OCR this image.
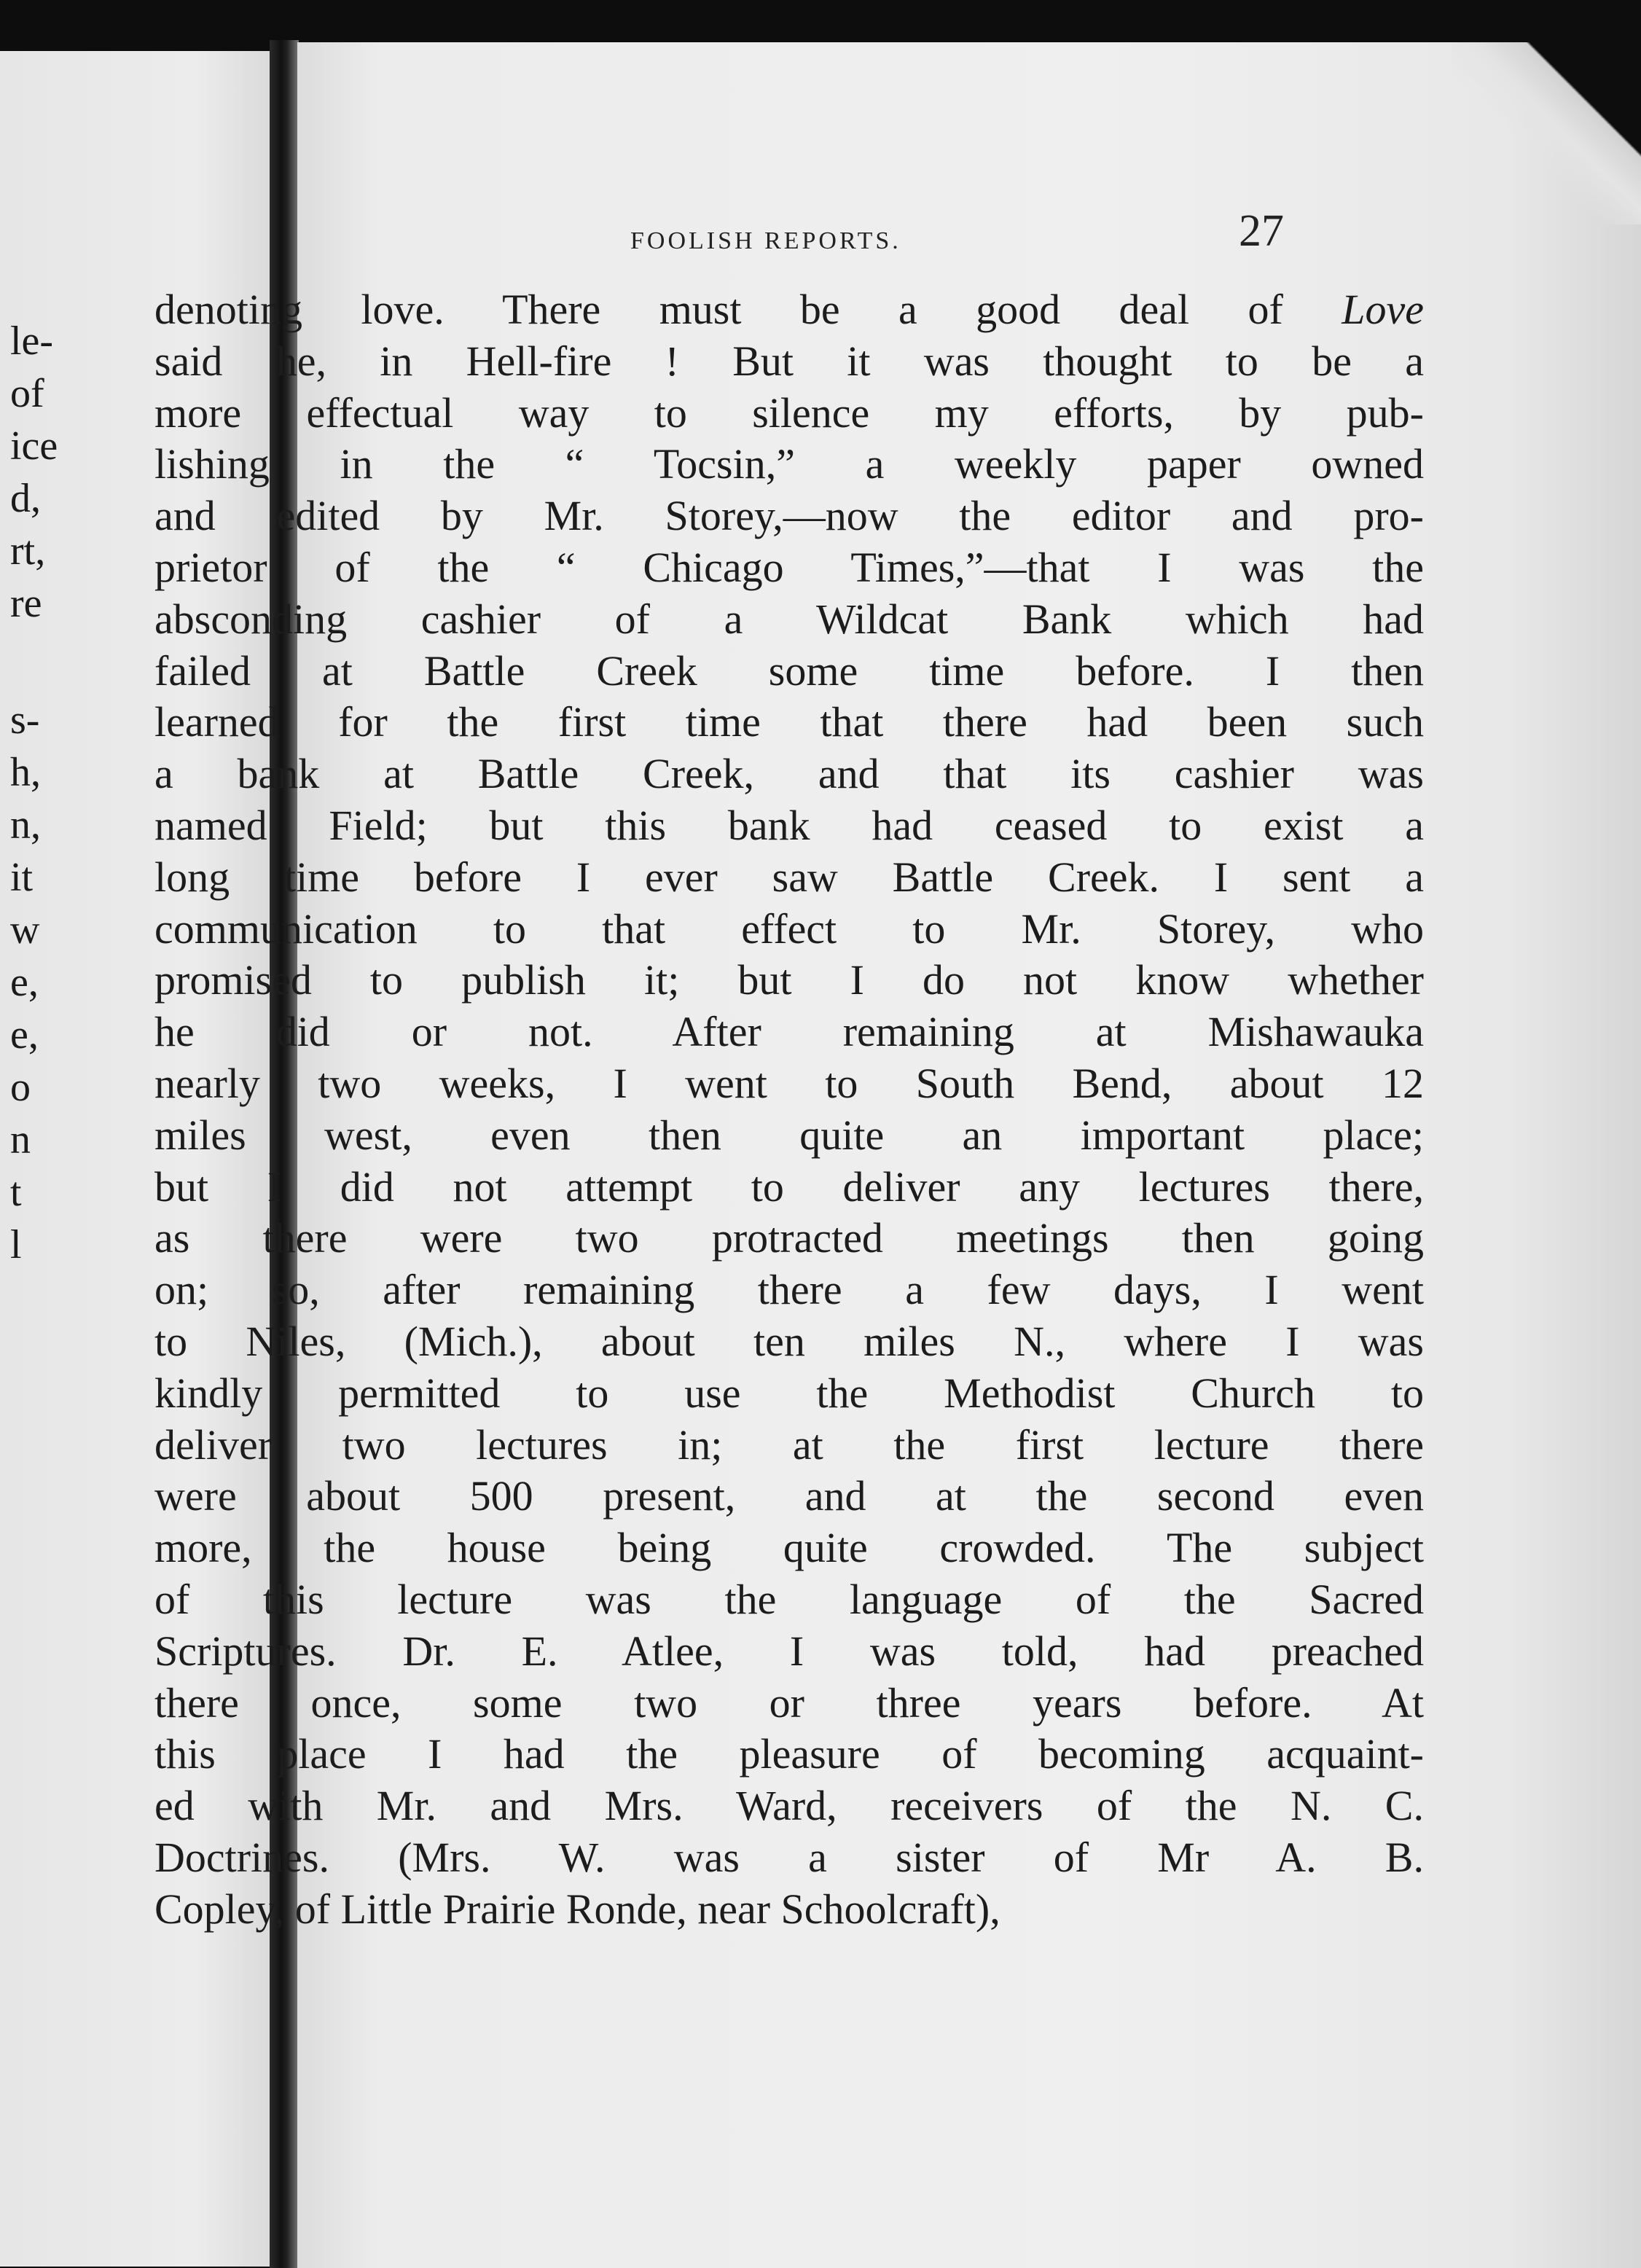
le-
of
ice
d,
rt,
re
s-
h,
n,
it
w
e,
e,
o
n
t
l
FOOLISH REPORTS.	27
denoting love. There must be a good deal of Love
said he, in Hell-fire ! But it was thought to be a
more effectual way to silence my efforts, by pub-
lishing in the “ Tocsin,” a weekly paper owned
and edited by Mr. Storey,—now the editor and pro-
prietor of the “ Chicago Times,”—that I was the
absconding cashier of a Wildcat Bank which had
failed at Battle Creek some time before. I then
learned for the first time that there had been such
a bank at Battle Creek, and that its cashier was
named Field; but this bank had ceased to exist a
long time before I ever saw Battle Creek. I sent a
communication to that effect to Mr. Storey, who
promised to publish it; but I do not know whether
he did or not. After remaining at Mishawauka
nearly two weeks, I went to South Bend, about 12
miles west, even then quite an important place;
but I did not attempt to deliver any lectures there,
as there were two protracted meetings then going
on; so, after remaining there a few days, I went
to Niles, (Mich.), about ten miles N., where I was
kindly permitted to use the Methodist Church to
deliver two lectures in; at the first lecture there
were about 500 present, and at the second even
more, the house being quite crowded. The subject
of this lecture was the language of the Sacred
Scriptures. Dr. E. Atlee, I was told, had preached
there once, some two or three years before. At
this place I had the pleasure of becoming acquaint-
ed with Mr. and Mrs. Ward, receivers of the N. C.
Doctrines. (Mrs. W. was a sister of Mr A. B.
Copley, of Little Prairie Ronde, near Schoolcraft),
